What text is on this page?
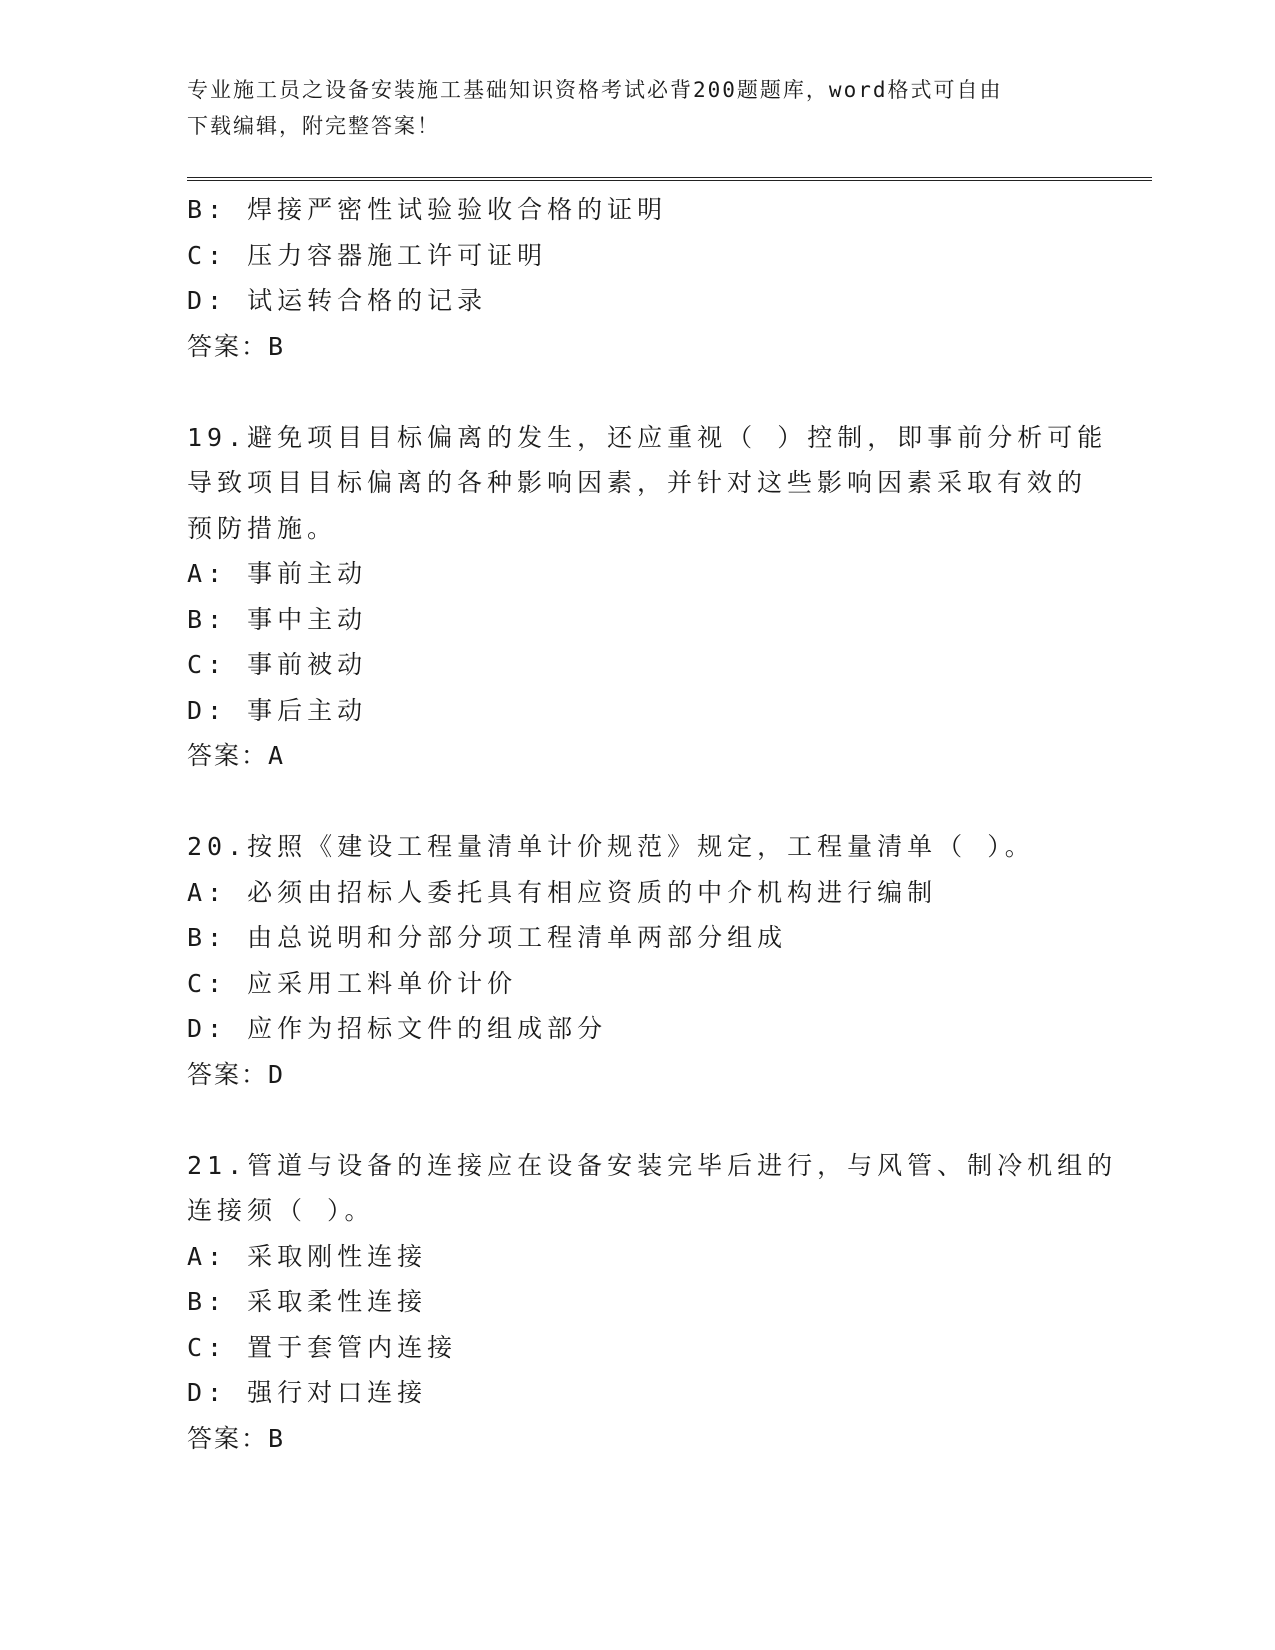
专业施工员之设备安装施工基础知识资格考试必背200题题库，word格式可自由
下载编辑，附完整答案！
B: 焊接严密性试验验收合格的证明
C: 压力容器施工许可证明
D: 试运转合格的记录
答案：B
19.避免项目目标偏离的发生，还应重视（ ）控制，即事前分析可能
导致项目目标偏离的各种影响因素，并针对这些影响因素采取有效的
预防措施。
A: 事前主动
B: 事中主动
C: 事前被动
D: 事后主动
答案：A
20.按照《建设工程量清单计价规范》规定，工程量清单（ ）。
A: 必须由招标人委托具有相应资质的中介机构进行编制
B: 由总说明和分部分项工程清单两部分组成
C: 应采用工料单价计价
D: 应作为招标文件的组成部分
答案：D
21.管道与设备的连接应在设备安装完毕后进行，与风管、制冷机组的
连接须（ ）。
A: 采取刚性连接
B: 采取柔性连接
C: 置于套管内连接
D: 强行对口连接
答案：B
